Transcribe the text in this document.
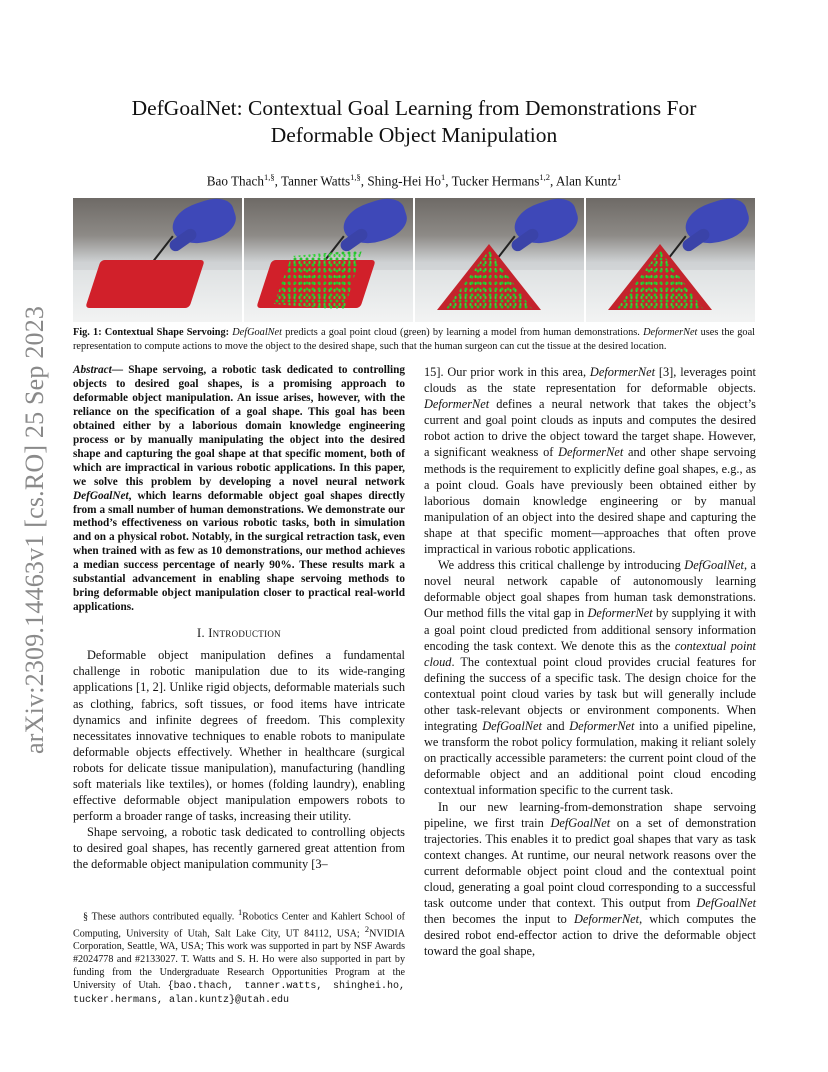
arXiv:2309.14463v1 [cs.RO] 25 Sep 2023
DefGoalNet: Contextual Goal Learning from Demonstrations For
Deformable Object Manipulation
Bao Thach$^{1,\S}$, Tanner Watts$^{1,\S}$, Shing-Hei Ho$^1$, Tucker Hermans$^{1,2}$, Alan Kuntz$^1$
Fig. 1: Contextual Shape Servoing: DefGoalNet predicts a goal point cloud (green) by learning a model from human demonstrations. DeformerNet uses the goal representation to compute actions to move the object to the desired shape, such that the human surgeon can cut the tissue at the desired location.
Abstract— Shape servoing, a robotic task dedicated to controlling objects to desired goal shapes, is a promising approach to deformable object manipulation. An issue arises, however, with the reliance on the specification of a goal shape. This goal has been obtained either by a laborious domain knowledge engineering process or by manually manipulating the object into the desired shape and capturing the goal shape at that specific moment, both of which are impractical in various robotic applications. In this paper, we solve this problem by developing a novel neural network DefGoalNet, which learns deformable object goal shapes directly from a small number of human demonstrations. We demonstrate our method’s effectiveness on various robotic tasks, both in simulation and on a physical robot. Notably, in the surgical retraction task, even when trained with as few as 10 demonstrations, our method achieves a median success percentage of nearly 90%. These results mark a substantial advancement in enabling shape servoing methods to bring deformable object manipulation closer to practical real-world applications.
I. Introduction

Deformable object manipulation defines a fundamental challenge in robotic manipulation due to its wide-ranging applications [1, 2]. Unlike rigid objects, deformable materials such as clothing, fabrics, soft tissues, or food items have intricate dynamics and infinite degrees of freedom. This complexity necessitates innovative techniques to enable robots to manipulate deformable objects effectively. Whether in healthcare (surgical robots for delicate tissue manipulation), manufacturing (handling soft materials like textiles), or homes (folding laundry), enabling effective deformable object manipulation empowers robots to perform a broader range of tasks, increasing their utility.

Shape servoing, a robotic task dedicated to controlling objects to desired goal shapes, has recently garnered great attention from the deformable object manipulation community [3–

§ These authors contributed equally. $^1$Robotics Center and Kahlert School of Computing, University of Utah, Salt Lake City, UT 84112, USA; $^2$NVIDIA Corporation, Seattle, WA, USA; This work was supported in part by NSF Awards #2024778 and #2133027. T. Watts and S. H. Ho were also supported in part by funding from the Undergraduate Research Opportunities Program at the University of Utah. {bao.thach, tanner.watts, shinghei.ho, tucker.hermans, alan.kuntz}@utah.edu

15]. Our prior work in this area, DeformerNet [3], leverages point clouds as the state representation for deformable objects. DeformerNet defines a neural network that takes the object’s current and goal point clouds as inputs and computes the desired robot action to drive the object toward the target shape. However, a significant weakness of DeformerNet and other shape servoing methods is the requirement to explicitly define goal shapes, e.g., as a point cloud. Goals have previously been obtained either by laborious domain knowledge engineering or by manual manipulation of an object into the desired shape and capturing the shape at that specific moment—approaches that often prove impractical in various robotic applications.

We address this critical challenge by introducing DefGoalNet, a novel neural network capable of autonomously learning deformable object goal shapes from human task demonstrations. Our method fills the vital gap in DeformerNet by supplying it with a goal point cloud predicted from additional sensory information encoding the task context. We denote this as the contextual point cloud. The contextual point cloud provides crucial features for defining the success of a specific task. The design choice for the contextual point cloud varies by task but will generally include other task-relevant objects or environment components. When integrating DefGoalNet and DeformerNet into a unified pipeline, we transform the robot policy formulation, making it reliant solely on practically accessible parameters: the current point cloud of the deformable object and an additional point cloud encoding contextual information specific to the current task.

In our new learning-from-demonstration shape servoing pipeline, we first train DefGoalNet on a set of demonstration trajectories. This enables it to predict goal shapes that vary as task context changes. At runtime, our neural network reasons over the current deformable object point cloud and the contextual point cloud, generating a goal point cloud corresponding to a successful task outcome under that context. This output from DefGoalNet then becomes the input to DeformerNet, which computes the desired robot end-effector action to drive the deformable object toward the goal shape,
